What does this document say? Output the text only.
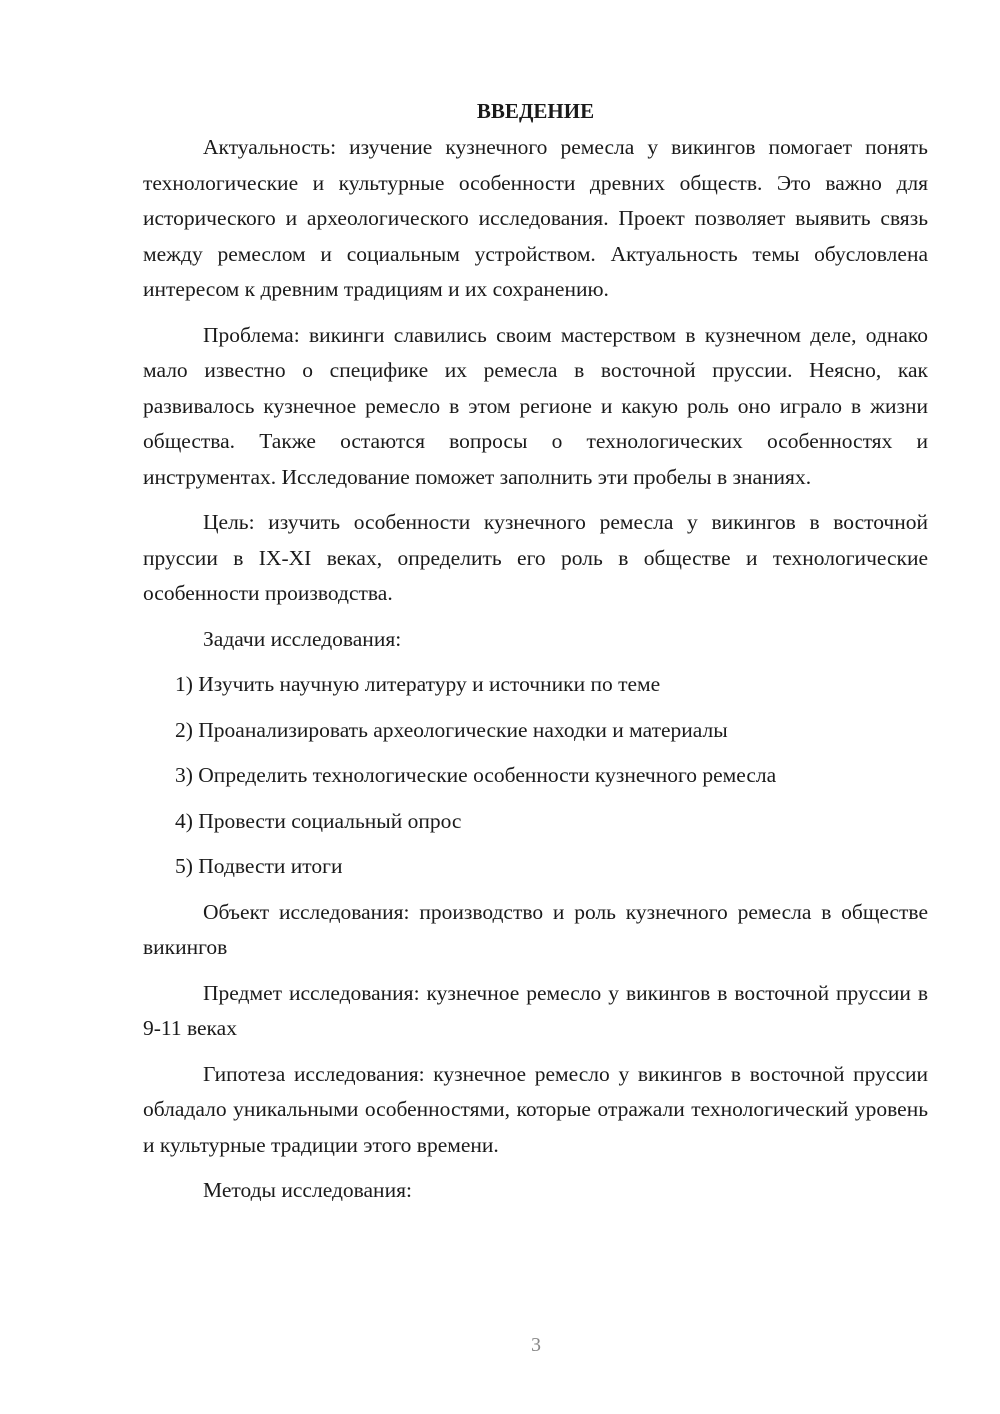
ВВЕДЕНИЕ

Актуальность: изучение кузнечного ремесла у викингов помогает понять технологические и культурные особенности древних обществ. Это важно для исторического и археологического исследования. Проект позволяет выявить связь между ремеслом и социальным устройством. Актуальность темы обусловлена интересом к древним традициям и их сохранению.

Проблема: викинги славились своим мастерством в кузнечном деле, однако мало известно о специфике их ремесла в восточной пруссии. Неясно, как развивалось кузнечное ремесло в этом регионе и какую роль оно играло в жизни общества. Также остаются вопросы о технологических особенностях и инструментах. Исследование поможет заполнить эти пробелы в знаниях.

Цель: изучить особенности кузнечного ремесла у викингов в восточной пруссии в IX-XI веках, определить его роль в обществе и технологические особенности производства.

Задачи исследования:

1) Изучить научную литературу и источники по теме
2) Проанализировать археологические находки и материалы
3) Определить технологические особенности кузнечного ремесла
4) Провести социальный опрос
5) Подвести итоги

Объект исследования: производство и роль кузнечного ремесла в обществе викингов

Предмет исследования: кузнечное ремесло у викингов в восточной пруссии в 9-11 веках

Гипотеза исследования: кузнечное ремесло у викингов в восточной пруссии обладало уникальными особенностями, которые отражали технологический уровень и культурные традиции этого времени.

Методы исследования:

3
